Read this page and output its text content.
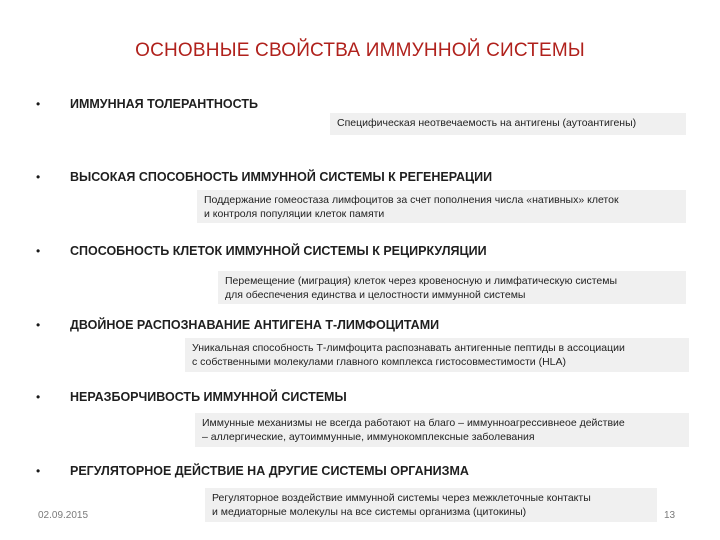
ОСНОВНЫЕ СВОЙСТВА ИММУННОЙ СИСТЕМЫ
• ИММУННАЯ ТОЛЕРАНТНОСТЬ
Специфическая неотвечаемость на антигены (аутоантигены)
• ВЫСОКАЯ СПОСОБНОСТЬ ИММУННОЙ СИСТЕМЫ К РЕГЕНЕРАЦИИ
Поддержание гомеостаза лимфоцитов за счет пополнения числа «нативных» клеток
и контроля популяции клеток памяти
• СПОСОБНОСТЬ КЛЕТОК ИММУННОЙ СИСТЕМЫ К РЕЦИРКУЛЯЦИИ
Перемещение (миграция) клеток через кровеносную и лимфатическую системы
для обеспечения единства и целостности иммунной системы
• ДВОЙНОЕ РАСПОЗНАВАНИЕ АНТИГЕНА Т-ЛИМФОЦИТАМИ
Уникальная способность Т-лимфоцита распознавать антигенные пептиды в ассоциации
с собственными молекулами главного комплекса гистосовместимости (HLA)
• НЕРАЗБОРЧИВОСТЬ ИММУННОЙ СИСТЕМЫ
Иммунные механизмы не всегда работают на благо – иммунноагрессивнеое действие
– аллергические, аутоиммунные, иммунокомплексные заболевания
• РЕГУЛЯТОРНОЕ ДЕЙСТВИЕ НА ДРУГИЕ СИСТЕМЫ ОРГАНИЗМА
Регуляторное воздействие иммунной системы через межклеточные контакты
и медиаторные молекулы на все системы организма (цитокины)
02.09.2015	13
